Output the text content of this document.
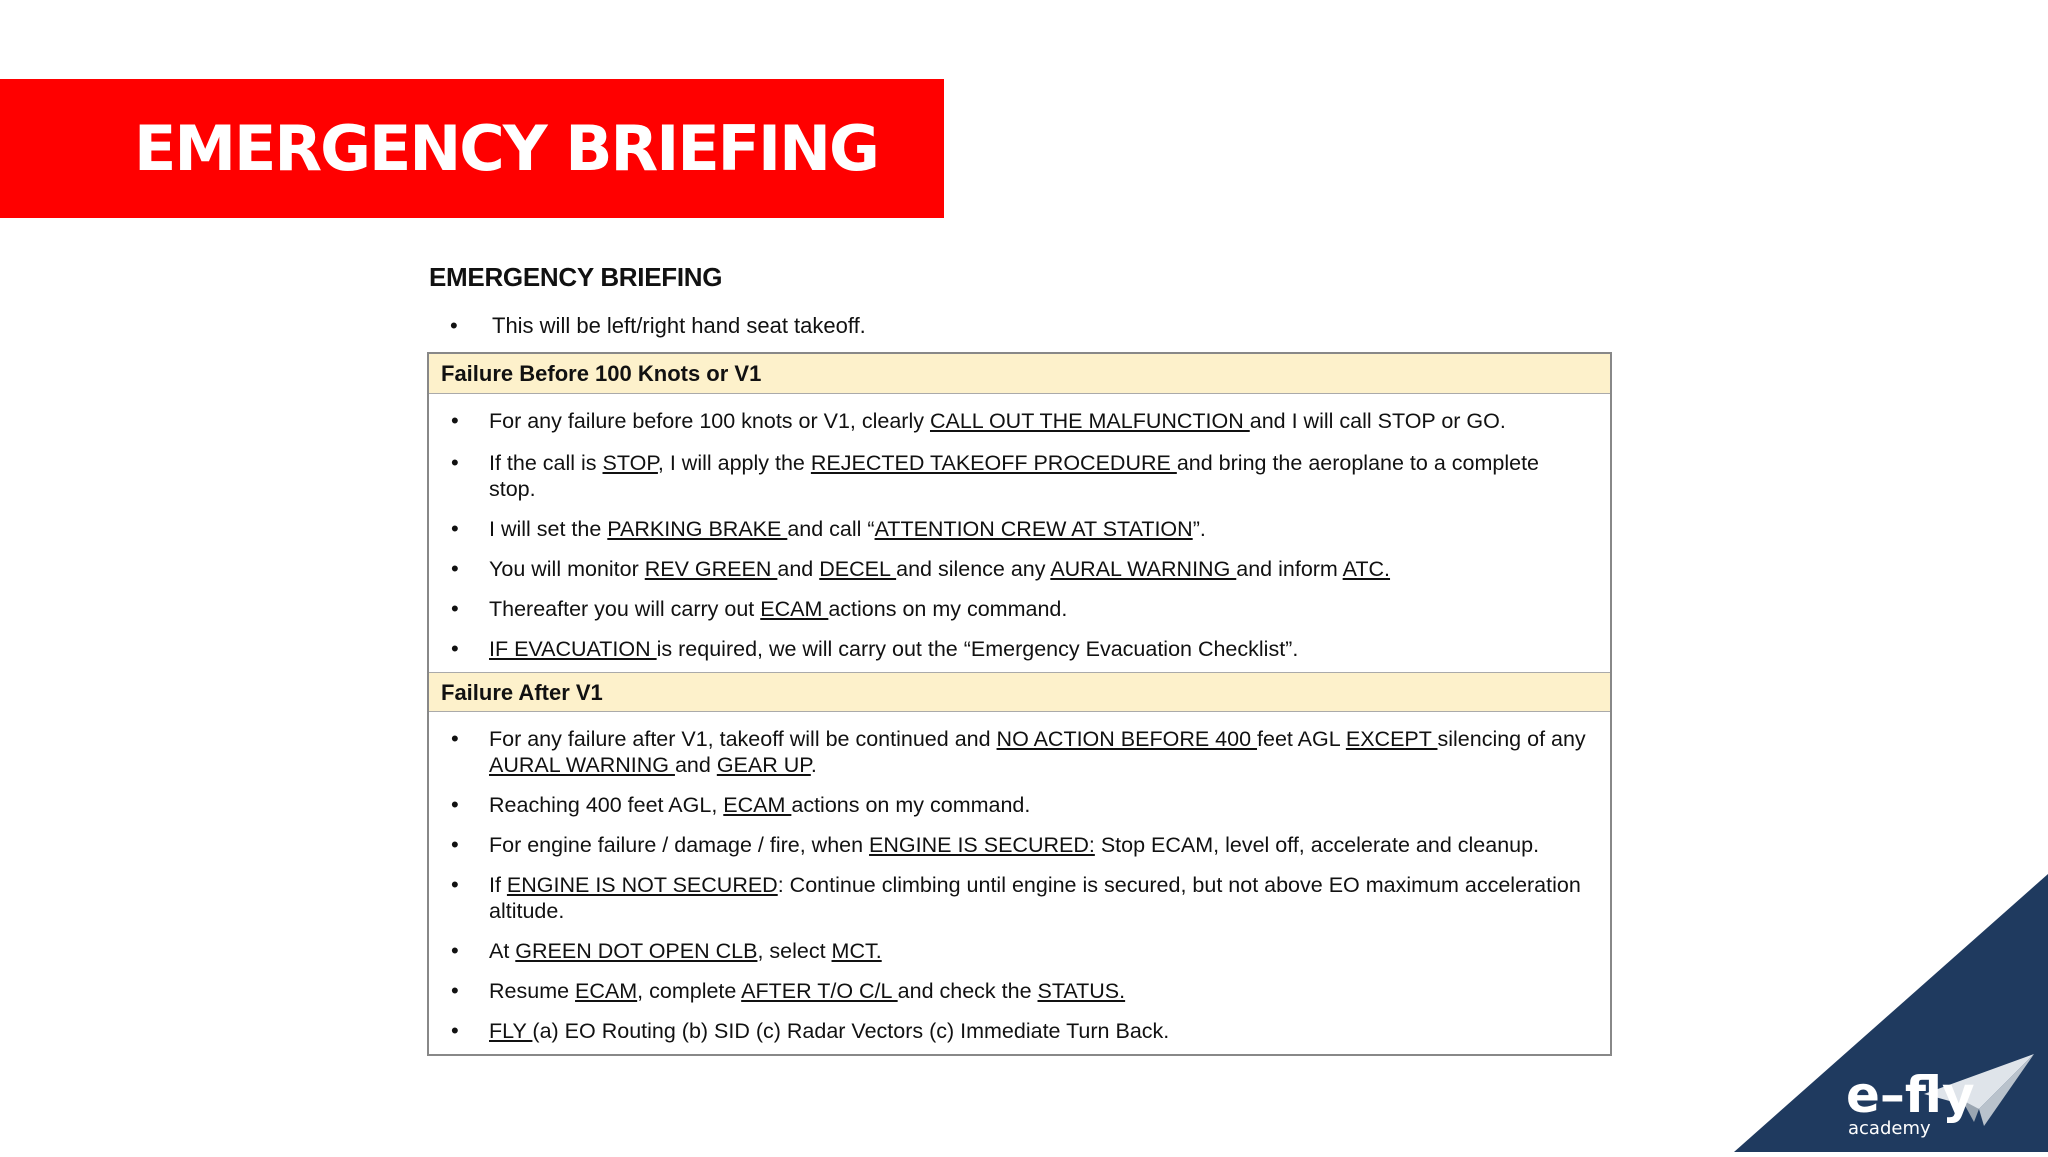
EMERGENCY BRIEFING
EMERGENCY BRIEFING
• This will be left/right hand seat takeoff.
Failure Before 100 Knots or V1
• For any failure before 100 knots or V1, clearly CALL OUT THE MALFUNCTION and I will call STOP or GO.
• If the call is STOP, I will apply the REJECTED TAKEOFF PROCEDURE and bring the aeroplane to a complete stop.
• I will set the PARKING BRAKE and call “ATTENTION CREW AT STATION”.
• You will monitor REV GREEN and DECEL and silence any AURAL WARNING and inform ATC.
• Thereafter you will carry out ECAM actions on my command.
• IF EVACUATION is required, we will carry out the “Emergency Evacuation Checklist”.
Failure After V1
• For any failure after V1, takeoff will be continued and NO ACTION BEFORE 400 feet AGL EXCEPT silencing of any AURAL WARNING and GEAR UP.
• Reaching 400 feet AGL, ECAM actions on my command.
• For engine failure / damage / fire, when ENGINE IS SECURED: Stop ECAM, level off, accelerate and cleanup.
• If ENGINE IS NOT SECURED: Continue climbing until engine is secured, but not above EO maximum acceleration altitude.
• At GREEN DOT OPEN CLB, select MCT.
• Resume ECAM, complete AFTER T/O C/L and check the STATUS.
• FLY (a) EO Routing (b) SID (c) Radar Vectors (c) Immediate Turn Back.
e–fly
academy
